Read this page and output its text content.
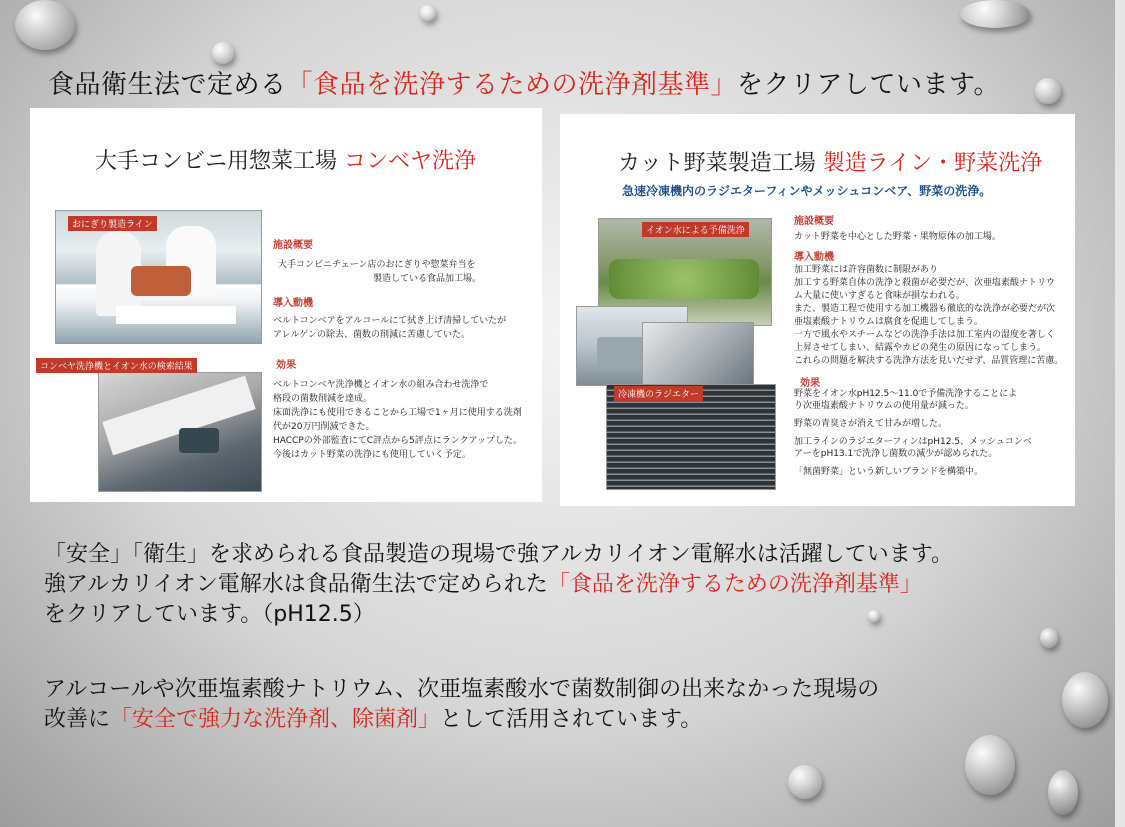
食品衛生法で定める「食品を洗浄するための洗浄剤基準」をクリアしています。
大手コンビニ用惣菜工場 コンベヤ洗浄
おにぎり製造ライン
コンベヤ洗浄機とイオン水の検索結果
施設概要
大手コンビニチェーン店のおにぎりや惣菜弁当を
製造している食品加工場。
導入動機
ベルトコンベアをアルコールにて拭き上げ清掃していたが
アレルゲンの除去、菌数の削減に苦慮していた。
効果
ベルトコンベヤ洗浄機とイオン水の組み合わせ洗浄で
格段の菌数削減を達成。
床面洗浄にも使用できることから工場で1ヶ月に使用する洗剤
代が20万円削減できた。
HACCPの外部監査にてC評点から5評点にランクアップした。
今後はカット野菜の洗浄にも使用していく予定。
カット野菜製造工場 製造ライン・野菜洗浄
急速冷凍機内のラジエターフィンやメッシュコンベア、野菜の洗浄。
イオン水による予備洗浄
冷凍機のラジエター
施設概要
カット野菜を中心とした野菜・果物原体の加工場。
導入動機
加工野菜には許容菌数に制限があり
加工する野菜自体の洗浄と殺菌が必要だが、次亜塩素酸ナトリウ
ム大量に使いすぎると食味が損なわれる。
また、製造工程で使用する加工機器も徹底的な洗浄が必要だが次
亜塩素酸ナトリウムは腐食を促進してしまう。
一方で風水やスチームなどの洗浄手法は加工室内の湿度を著しく
上昇させてしまい、結露やカビの発生の原因になってしまう。
これらの問題を解決する洗浄方法を見いだせず、品質管理に苦慮。
効果
野菜をイオン水pH12.5〜11.0で予備洗浄することによ
り次亜塩素酸ナトリウムの使用量が減った。
野菜の青臭さが消えて甘みが増した。
加工ラインのラジエターフィンはpH12.5、メッシュコンベ
アーをpH13.1で洗浄し菌数の減少が認められた。
「無菌野菜」という新しいブランドを構築中。
「安全」「衛生」を求められる食品製造の現場で強アルカリイオン電解水は活躍しています。
強アルカリイオン電解水は食品衛生法で定められた「食品を洗浄するための洗浄剤基準」
をクリアしています。（pH12.5）
アルコールや次亜塩素酸ナトリウム、次亜塩素酸水で菌数制御の出来なかった現場の
改善に「安全で強力な洗浄剤、除菌剤」として活用されています。
